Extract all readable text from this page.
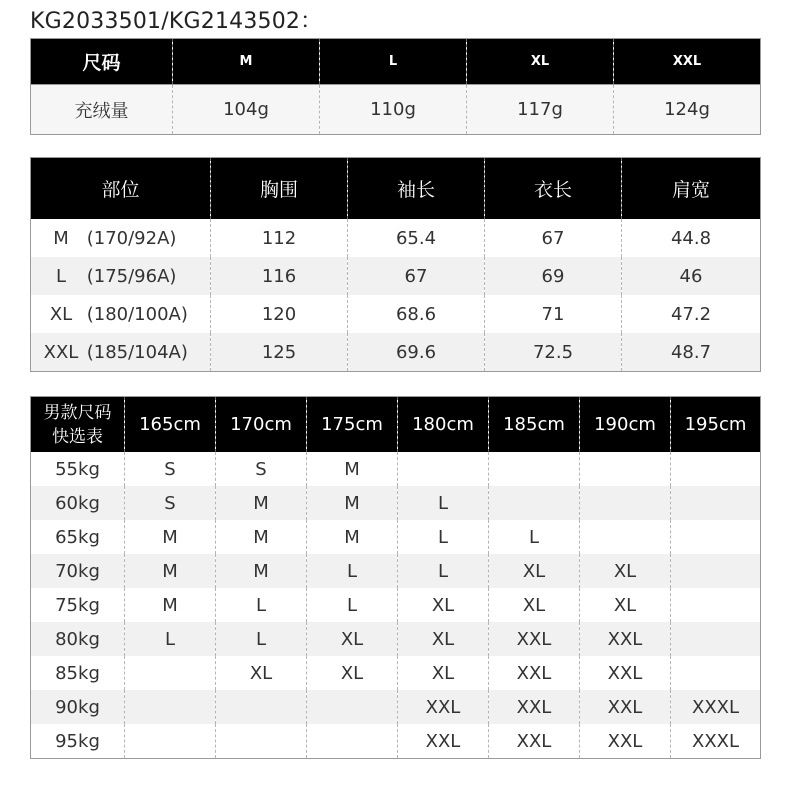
KG2033501/KG2143502：
尺码	M	L	XL	XXL
充绒量	104g	110g	117g	124g
部位	胸围	袖长	衣长	肩宽
M (170/92A)	112	65.4	67	44.8
L (175/96A)	116	67	69	46
XL (180/100A)	120	68.6	71	47.2
XXL (185/104A)	125	69.6	72.5	48.7
男款尺码
快选表	165cm	170cm	175cm	180cm	185cm	190cm	195cm
55kg	S	S	M				
60kg	S	M	M	L			
65kg	M	M	M	L	L		
70kg	M	M	L	L	XL	XL	
75kg	M	L	L	XL	XL	XL	
80kg	L	L	XL	XL	XXL	XXL	
85kg		XL	XL	XL	XXL	XXL	
90kg				XXL	XXL	XXL	XXXL
95kg				XXL	XXL	XXL	XXXL
